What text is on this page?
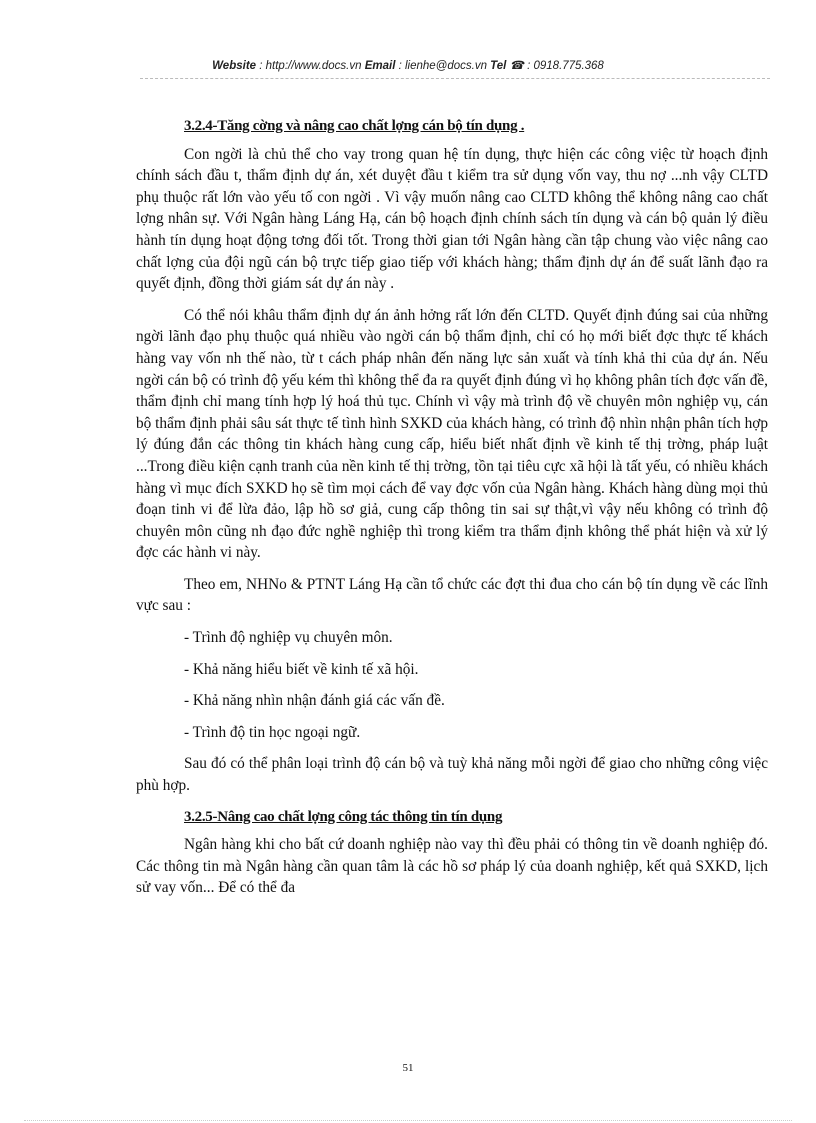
Website : http://www.docs.vn Email : lienhe@docs.vn Tel ☎ : 0918.775.368
3.2.4-Tăng cờng và nâng cao chất lợng cán bộ tín dụng .

Con ngời là chủ thể cho vay trong quan hệ tín dụng, thực hiện các công việc từ hoạch định chính sách đầu t, thẩm định dự án, xét duyệt đầu t kiểm tra sử dụng vốn vay, thu nợ ...nh vậy CLTD phụ thuộc rất lớn vào yếu tố con ngời . Vì vậy muốn nâng cao CLTD không thể không nâng cao chất lợng nhân sự. Với Ngân hàng Láng Hạ, cán bộ hoạch định chính sách tín dụng và cán bộ quản lý điều hành tín dụng hoạt động tơng đối tốt. Trong thời gian tới Ngân hàng cần tập chung vào việc nâng cao chất lợng của đội ngũ cán bộ trực tiếp giao tiếp với khách hàng; thẩm định dự án để suất lãnh đạo ra quyết định, đồng thời giám sát dự án này .

Có thể nói khâu thẩm định dự án ảnh hởng rất lớn đến CLTD. Quyết định đúng sai của những ngời lãnh đạo phụ thuộc quá nhiều vào ngời cán bộ thẩm định, chỉ có họ mới biết đợc thực tế khách hàng vay vốn nh thế nào, từ t cách pháp nhân đến năng lực sản xuất và tính khả thi của dự án. Nếu ngời cán bộ có trình độ yếu kém thì không thể đa ra quyết định đúng vì họ không phân tích đợc vấn đề, thẩm định chỉ mang tính hợp lý hoá thủ tục. Chính vì vậy mà trình độ về chuyên môn nghiệp vụ, cán bộ thẩm định phải sâu sát thực tế tình hình SXKD của khách hàng, có trình độ nhìn nhận phân tích hợp lý đúng đắn các thông tin khách hàng cung cấp, hiểu biết nhất định về kinh tế thị trờng, pháp luật ...Trong điều kiện cạnh tranh của nền kinh tế thị trờng, tồn tại tiêu cực xã hội là tất yếu, có nhiều khách hàng vì mục đích SXKD họ sẽ tìm mọi cách để vay đợc vốn của Ngân hàng. Khách hàng dùng mọi thủ đoạn tinh vi để lừa đảo, lập hồ sơ giả, cung cấp thông tin sai sự thật,vì vậy nếu không có trình độ chuyên môn cũng nh đạo đức nghề nghiệp thì trong kiểm tra thẩm định không thể phát hiện và xử lý đợc các hành vi này.

Theo em, NHNo & PTNT Láng Hạ cần tổ chức các đợt thi đua cho cán bộ tín dụng về các lĩnh vực sau :

- Trình độ nghiệp vụ chuyên môn.
- Khả năng hiểu biết về kinh tế xã hội.
- Khả năng nhìn nhận đánh giá các vấn đề.
- Trình độ tin học ngoại ngữ.

Sau đó có thể phân loại trình độ cán bộ và tuỳ khả năng mỗi ngời để giao cho những công việc phù hợp.

3.2.5-Nâng cao chất lợng công tác thông tin tín dụng

Ngân hàng khi cho bất cứ doanh nghiệp nào vay thì đều phải có thông tin về doanh nghiệp đó. Các thông tin mà Ngân hàng cần quan tâm là các hồ sơ pháp lý của doanh nghiệp, kết quả SXKD, lịch sử vay vốn... Để có thể đa

51
